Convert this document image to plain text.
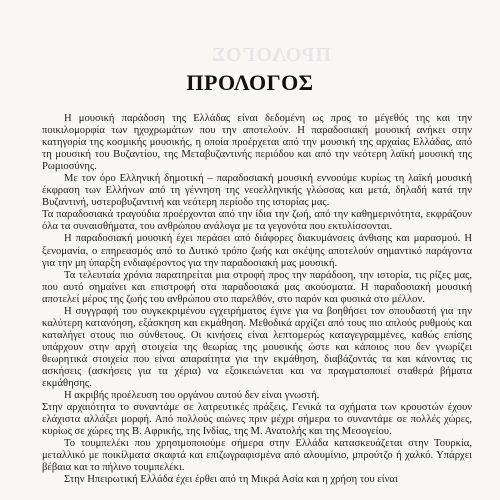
ΠΡΟΛΟΓΟΣ
ΠΡΟΛΟΓΟΣ

Η μουσική παράδοση της Ελλάδας είναι δεδομένη ως προς το μέγεθός της και την ποικιλομορφία των ηχοχρωμάτων που την αποτελούν. Η παραδοσιακή μουσική ανήκει στην κατηγορία της κοσμικής μουσικής, η οποία προέρχεται από την μουσική της αρχαίας Ελλάδας, από τη μουσική του Βυζαντίου, της Μεταβυζαντινής περιόδου και από την νεότερη λαϊκή μουσική της Ρωμιοσύνης.

Με τον όρο Ελληνική δημοτική – παραδοσιακή μουσική εννοούμε κυρίως τη λαϊκή μουσική έκφραση των Ελλήνων από τη γέννηση της νεοελληνικής γλώσσας και μετά, δηλαδή κατά την Βυζαντινή, υστεροβυζαντινή και νεότερη περίοδο της ιστορίας μας.

Τα παραδοσιακά τραγούδια προέρχονται από την ίδια την ζωή, από την καθημερινότητα, εκφράζουν όλα τα συναισθήματα, του ανθρώπου ανάλογα με τα γεγονότα που εκτυλίσσονται.

Η παραδοσιακή μουσική έχει περάσει από διάφορες διακυμάνσεις άνθισης και μαρασμού. Η ξενομανία, ο επηρεασμός από το Δυτικό τρόπο ζωής και σκέψης αποτελούν σημαντικό παράγοντα για την μη ύπαρξη ενδιαφέροντος για την παραδοσιακή μας μουσική.

Τα τελευταία χρόνια παρατηρείται μια στροφή προς την παράδοση, την ιστορία, τις ρίζες μας, που αυτό σημαίνει και επιστροφή στα παραδοσιακά μας ακούσματα. Η παραδοσιακή μουσική αποτελεί μέρος της ζωής του ανθρώπου στο παρελθόν, στο παρόν και φυσικά στο μέλλον.

Η συγγραφή του συγκεκριμένου εγχειρήματος έγινε για να βοηθήσει τον σπουδαστή για την καλύτερη κατανόηση, εξάσκηση και εκμάθηση. Μεθοδικά αρχίζει από τους πιο απλούς ρυθμούς και καταλήγει στους πιο σύνθετους. Οι κινήσεις είναι λεπτομερώς καταγεγραμμένες, καθώς επίσης υπάρχουν στην αρχή στοιχεία της θεωρίας της μουσικής ώστε και κάποιος που δεν γνωρίζει θεωρητικά στοιχεία που είναι απαραίτητα για την εκμάθηση, διαβάζοντάς τα και κάνοντας τις ασκήσεις (ασκήσεις για τα χέρια) να εξοικειώνεται και να πραγματοποιεί σταθερά βήματα εκμάθησης.

Η ακριβής προέλευση του οργάνου αυτού δεν είναι γνωστή.

Στην αρχαιότητα το συναντάμε σε λατρευτικές πράξεις. Γενικά τα σχήματα των κρουστών έχουν ελάχιστα αλλάξει μορφή. Από πολλούς αιώνες πριν μέχρι σήμερα το συναντάμε σε πολλές χώρες, κυρίως σε χώρες της Β. Αφρικής, της Ινδίας, της Μ. Ανατολής και της Μεσογείου.

Το τουμπελέκι που χρησιμοποιούμε σήμερα στην Ελλάδα κατασκευάζεται στην Τουρκία, μεταλλικό με ποικίλματα σκαφτά και επιζωγραφισμένα από αλουμίνιο, μπρούτζο ή χαλκό. Υπάρχει βέβαια και το πήλινο τουμπελέκι.

Στην Ηπειρωτική Ελλάδα έχει έρθει από τη Μικρά Ασία και η χρήση του είναι
